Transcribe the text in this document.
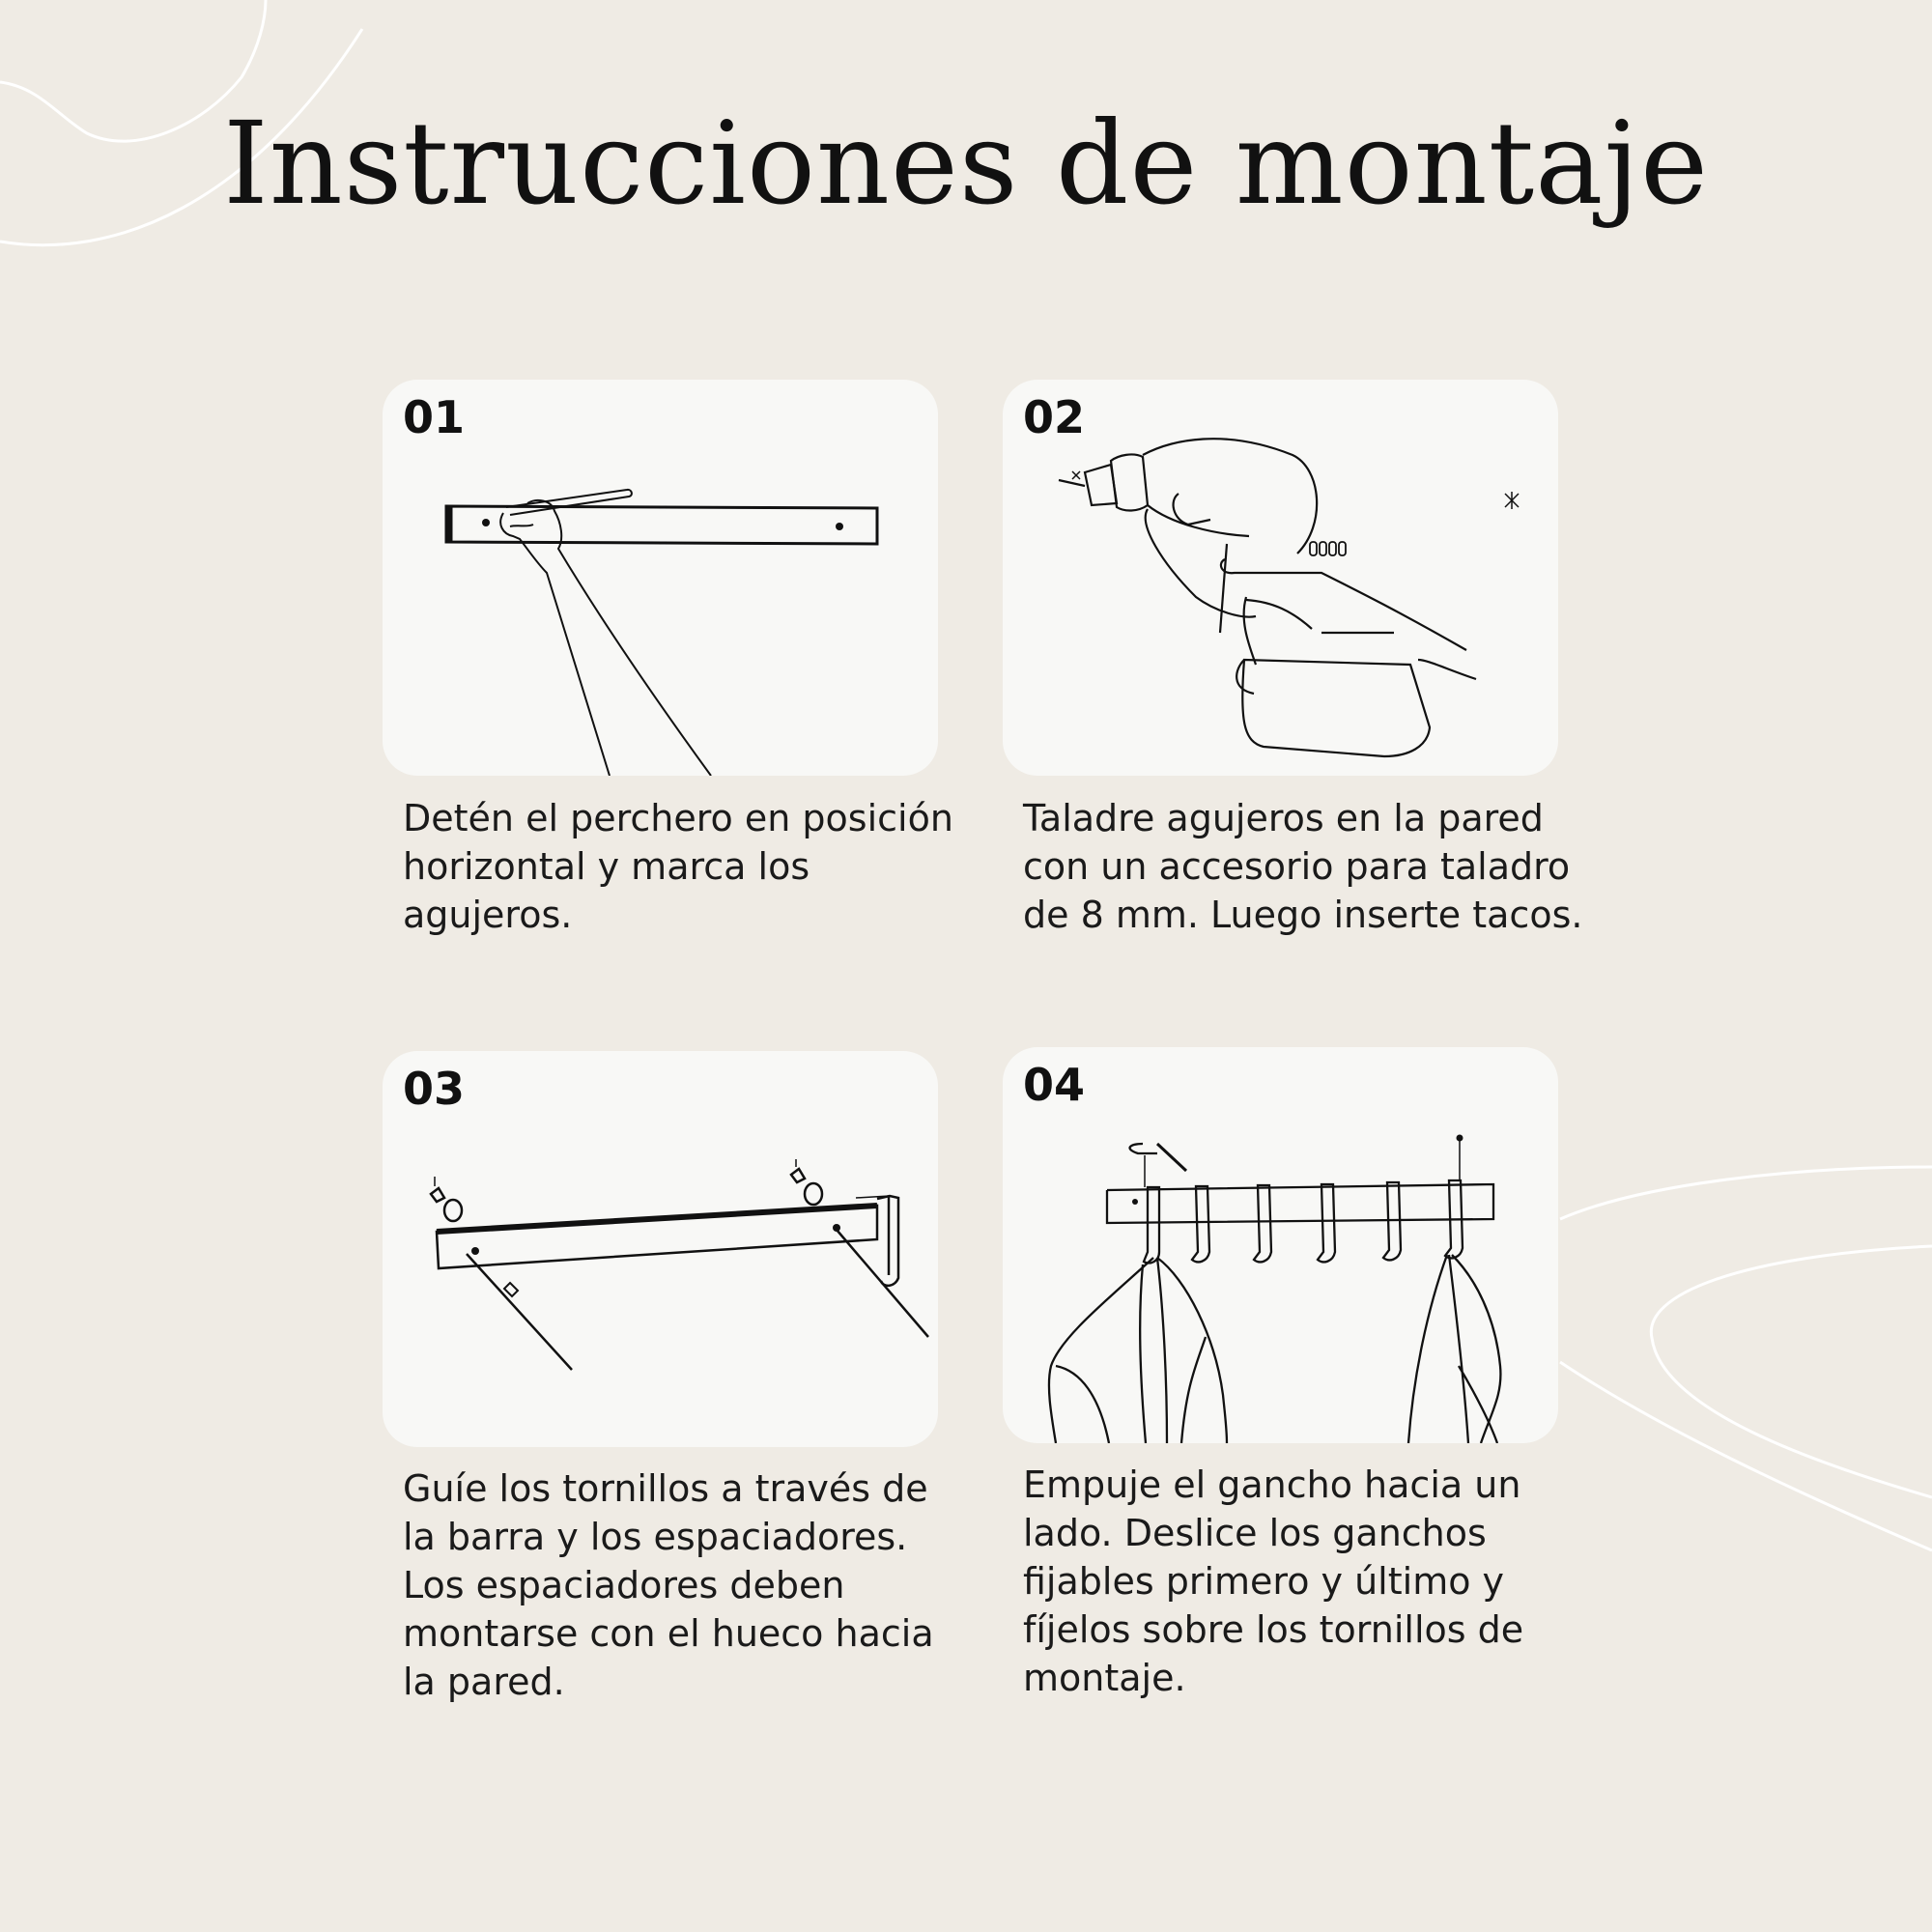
Instrucciones de montaje
01

Detén el perchero en posición horizontal y marca los agujeros.

02

Taladre agujeros en la pared con un accesorio para taladro de 8 mm. Luego inserte tacos.

03

Guíe los tornillos a través de la barra y los espaciadores. Los espaciadores deben montarse con el hueco hacia la pared.

04

Empuje el gancho hacia un lado. Deslice los ganchos fijables primero y último y fíjelos sobre los tornillos de montaje.
